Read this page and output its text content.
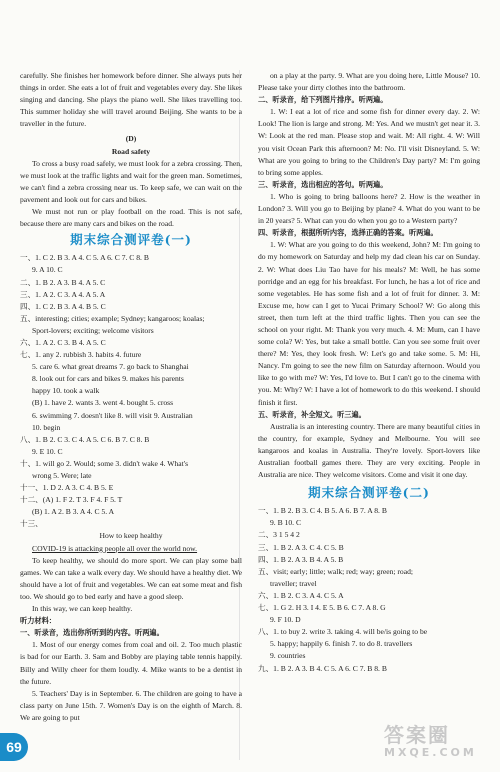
carefully. She finishes her homework before dinner. She always puts her things in order. She eats a lot of fruit and vegetables every day. She likes singing and dancing. She plays the piano well. She likes travelling too. This summer holiday she will travel around Beijing. She wants to be a traveller in the future.

(D)

Road safety

To cross a busy road safely, we must look for a zebra crossing. Then, we must look at the traffic lights and wait for the green man. Sometimes, we can't find a zebra crossing near us. To keep safe, we can wait on the pavement and look out for cars and bikes.

We must not run or play football on the road. This is not safe, because there are many cars and bikes on the road.

期末综合测评卷(一)

一、1. C 2. B 3. A 4. C 5. A 6. C 7. C 8. B

9. A 10. C

二、1. B 2. A 3. B 4. A 5. C

三、1. A 2. C 3. A 4. A 5. A

四、1. C 2. B 3. A 4. B 5. C

五、interesting; cities; example; Sydney; kangaroos; koalas;

Sport-lovers; exciting; welcome visitors

六、1. A 2. C 3. B 4. A 5. C

七、1. any 2. rubbish 3. habits 4. future

5. care 6. what great dreams 7. go back to Shanghai

8. look out for cars and bikes 9. makes his parents

happy 10. took a walk

(B) 1. have 2. wants 3. went 4. bought 5. cross

6. swimming 7. doesn't like 8. will visit 9. Australian

10. begin

八、1. B 2. C 3. C 4. A 5. C 6. B 7. C 8. B

9. E 10. C

十、1. will go 2. Would; some 3. didn't wake 4. What's

wrong 5. Were; late

十一、1. D 2. A 3. C 4. B 5. E

十二、(A) 1. F 2. T 3. F 4. F 5. T

(B) 1. A 2. B 3. A 4. C 5. A

十三、

How to keep healthy

COVID-19 is attacking people all over the world now.

To keep healthy, we should do more sport. We can play some ball games. We can take a walk every day. We should have a healthy diet. We should have a lot of fruit and vegetables. We can eat some meat and fish too. We should go to bed early and have a good sleep.

In this way, we can keep healthy.

听力材料：

一、听录音，选出你所听到的内容。听两遍。

1. Most of our energy comes from coal and oil. 2. Too much plastic is bad for our Earth. 3. Sam and Bobby are playing table tennis happily. Billy and Willy cheer for them loudly. 4. Mike wants to be a dentist in the future.

5. Teachers' Day is in September. 6. The children are going to have a class party on June 15th. 7. Women's Day is on the eighth of March. 8. We are going to put

on a play at the party. 9. What are you doing here, Little Mouse? 10. Please take your dirty clothes into the bathroom.

二、听录音，给下列图片排序。听两遍。

1. W: I eat a lot of rice and some fish for dinner every day. 2. W: Look! The lion is large and strong. M: Yes. And we mustn't get near it. 3. W: Look at the red man. Please stop and wait. M: All right. 4. W: Will you visit Ocean Park this afternoon? M: No. I'll visit Disneyland. 5. W: What are you going to bring to the Children's Day party? M: I'm going to bring some apples.

三、听录音，选出相应的答句。听两遍。

1. Who is going to bring balloons here? 2. How is the weather in London? 3. Will you go to Beijing by plane? 4. What do you want to be in 20 years? 5. What can you do when you go to a Western party?

四、听录音，根据所听内容，选择正确的答案。听两遍。

1. W: What are you going to do this weekend, John? M: I'm going to do my homework on Saturday and help my dad clean his car on Sunday. 2. W: What does Liu Tao have for his meals? M: Well, he has some porridge and an egg for his breakfast. For lunch, he has a lot of rice and some vegetables. He has some fish and a lot of fruit for dinner. 3. M: Excuse me, how can I get to Yucai Primary School? W: Go along this street, then turn left at the third traffic lights. Then you can see the school on your right. M: Thank you very much. 4. M: Mum, can I have some cola? W: Yes, but take a small bottle. Can you see some fruit over there? M: Yes, they look fresh. W: Let's go and take some. 5. M: Hi, Nancy. I'm going to see the new film on Saturday afternoon. Would you like to go with me? W: Yes, I'd love to. But I can't go to the cinema with you. M: Why? W: I have a lot of homework to do this weekend. I should finish it first.

五、听录音，补全短文。听三遍。

Australia is an interesting country. There are many beautiful cities in the country, for example, Sydney and Melbourne. You will see kangaroos and koalas in Australia. They're lovely. Sport-lovers like Australian football games there. They are very exciting. People in Australia are nice. They welcome visitors. Come and visit it one day.

期末综合测评卷(二)

一、1. B 2. B 3. C 4. B 5. A 6. B 7. A 8. B

9. B 10. C

二、3 1 5 4 2

三、1. B 2. A 3. C 4. C 5. B

四、1. B 2. A 3. B 4. A 5. B

五、visit; early; little; walk; red; way; green; road;

traveller; travel

六、1. B 2. C 3. A 4. C 5. A

七、1. G 2. H 3. I 4. E 5. B 6. C 7. A 8. G

9. F 10. D

八、1. to buy 2. write 3. taking 4. will be/is going to be

5. happy; happily 6. finish 7. to do 8. travellers

9. countries

九、1. B 2. A 3. B 4. C 5. A 6. C 7. B 8. B

69	答案圈
MXQE.COM
